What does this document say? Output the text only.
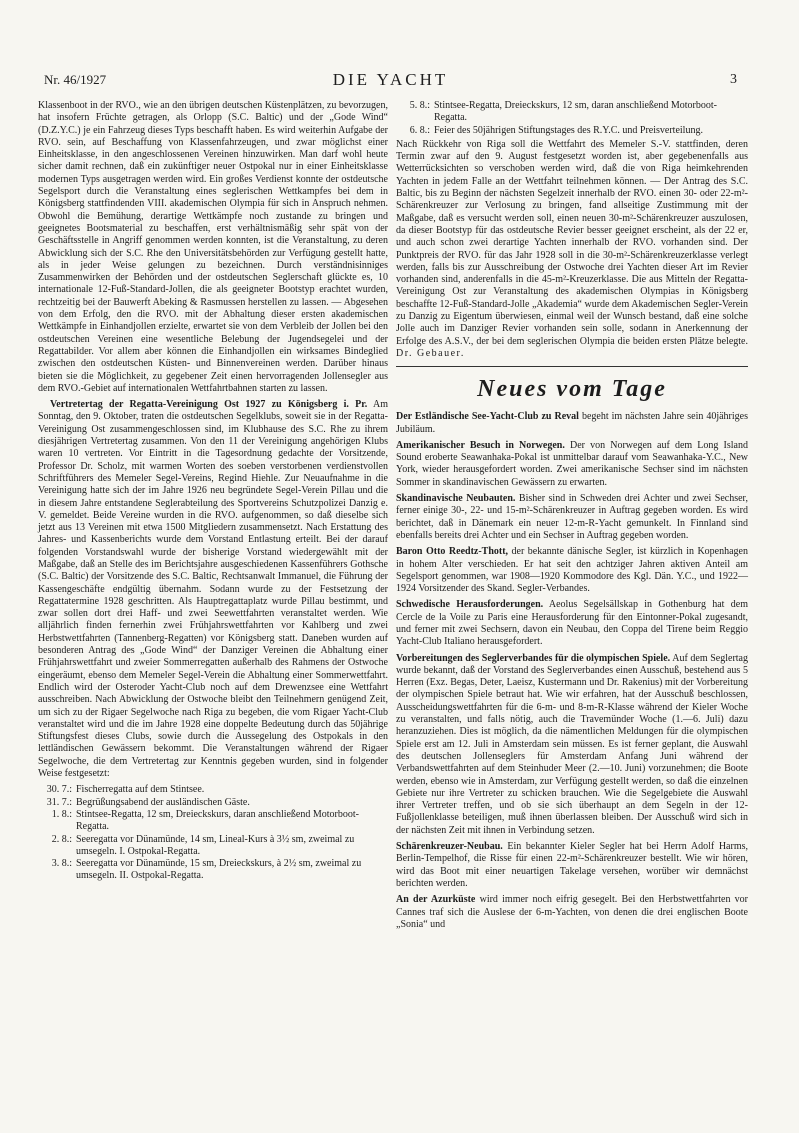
Nr. 46/1927	DIE YACHT	3

Klassenboot in der RVO., wie an den übrigen deutschen Küstenplätzen, zu bevorzugen, hat insofern Früchte getragen, als Orlopp (S.C. Baltic) und der „Gode Wind“ (D.Z.Y.C.) je ein Fahrzeug dieses Typs beschafft haben. Es wird weiterhin Aufgabe der RVO. sein, auf Beschaffung von Klassenfahrzeugen, und zwar möglichst einer Einheitsklasse, in den angeschlossenen Vereinen hinzuwirken. Man darf wohl heute sicher damit rechnen, daß ein zukünftiger neuer Ostpokal nur in einer Einheitsklasse modernen Typs ausgetragen werden wird. Ein großes Verdienst konnte der ostdeutsche Segelsport durch die Veranstaltung eines seglerischen Wettkampfes bei dem in Königsberg stattfindenden VIII. akademischen Olympia für sich in Anspruch nehmen. Obwohl die Bemühung, derartige Wettkämpfe noch zustande zu bringen und geeignetes Bootsmaterial zu beschaffen, erst verhältnismäßig sehr spät von der Geschäftsstelle in Angriff genommen werden konnten, ist die Veranstaltung, zu deren Abwicklung sich der S.C. Rhe den Universitätsbehörden zur Verfügung gestellt hatte, als in jeder Weise gelungen zu bezeichnen. Durch verständnisinniges Zusammenwirken der Behörden und der ostdeutschen Seglerschaft glückte es, 10 internationale 12-Fuß-Standard-Jollen, die als geeigneter Bootstyp erachtet wurden, rechtzeitig bei der Bauwerft Abeking & Rasmussen herstellen zu lassen. — Abgesehen von dem Erfolg, den die RVO. mit der Abhaltung dieser ersten akademischen Wettkämpfe in Einhandjollen erzielte, erwartet sie von dem Verbleib der Jollen bei den ostdeutschen Vereinen eine wesentliche Belebung der Jugendsegelei und der Regattabilder. Vor allem aber können die Einhandjollen ein wirksames Bindeglied zwischen den ostdeutschen Küsten- und Binnenvereinen werden. Darüber hinaus bieten sie die Möglichkeit, zu gegebener Zeit einen hervorragenden Jollensegler aus dem RVO.-Gebiet auf internationalen Wettfahrtbahnen starten zu lassen.

Vertretertag der Regatta-Vereinigung Ost 1927 zu Königsberg i. Pr. Am Sonntag, den 9. Oktober, traten die ostdeutschen Segelklubs, soweit sie in der Regatta-Vereinigung Ost zusammengeschlossen sind, im Klubhause des S.C. Rhe zu ihrem diesjährigen Vertretertag zusammen. Von den 11 der Vereinigung angehörigen Klubs waren 10 vertreten. Vor Eintritt in die Tagesordnung gedachte der Vorsitzende, Professor Dr. Scholz, mit warmen Worten des soeben verstorbenen verdienstvollen Schriftführers des Memeler Segel-Vereins, Regind Hiehle. Zur Neuaufnahme in die Vereinigung hatte sich der im Jahre 1926 neu begründete Segel-Verein Pillau und die in diesem Jahre entstandene Seglerabteilung des Sportvereins Schutzpolizei Danzig e. V. gemeldet. Beide Vereine wurden in die RVO. aufgenommen, so daß dieselbe sich jetzt aus 13 Vereinen mit etwa 1500 Mitgliedern zusammensetzt. Nach Erstattung des Jahres- und Kassenberichts wurde dem Vorstand Entlastung erteilt. Bei der darauf folgenden Vorstandswahl wurde der bisherige Vorstand wiedergewählt mit der Maßgabe, daß an Stelle des im Berichtsjahre ausgeschiedenen Kassenführers Gothsche (S.C. Baltic) der Vorsitzende des S.C. Baltic, Rechtsanwalt Immanuel, die Führung der Kassengeschäfte endgültig übernahm. Sodann wurde zu der Festsetzung der Regattatermine 1928 geschritten. Als Hauptregattaplatz wurde Pillau bestimmt, und zwar sollen dort drei Haff- und zwei Seewettfahrten veranstaltet werden. Wie alljährlich finden fernerhin zwei Frühjahrswettfahrten vor Kahlberg und zwei Herbstwettfahrten (Tannenberg-Regatten) vor Königsberg statt. Daneben wurden auf besonderen Antrag des „Gode Wind“ der Danziger Vereinen die Abhaltung einer Frühjahrswettfahrt und zweier Sommerregatten außerhalb des Rahmens der Ostwoche eingeräumt, ebenso dem Memeler Segel-Verein die Abhaltung einer Sommerwettfahrt. Endlich wird der Osteroder Yacht-Club noch auf dem Drewenzsee eine Wettfahrt ausschreiben. Nach Abwicklung der Ostwoche bleibt den Teilnehmern genügend Zeit, um sich zu der Rigaer Segelwoche nach Riga zu begeben, die vom Rigaer Yacht-Club veranstaltet wird und die im Jahre 1928 eine doppelte Bedeutung durch das 50jährige Stiftungsfest dieses Clubs, sowie durch die Aussegelung des Ostpokals in den lettländischen Gewässern bekommt. Die Veranstaltungen während der Rigaer Segelwoche, die dem Vertretertag zur Kenntnis gegeben wurden, sind in folgender Weise festgesetzt:

30. 7.: Fischerregatta auf dem Stintsee.
31. 7.: Begrüßungsabend der ausländischen Gäste.
1. 8.: Stintsee-Regatta, 12 sm, Dreieckskurs, daran anschließend Motorboot-Regatta.
2. 8.: Seeregatta vor Dünamünde, 14 sm, Lineal-Kurs à 3½ sm, zweimal zu umsegeln. I. Ostpokal-Regatta.
3. 8.: Seeregatta vor Dünamünde, 15 sm, Dreieckskurs, à 2½ sm, zweimal zu umsegeln. II. Ostpokal-Regatta.
5. 8.: Stintsee-Regatta, Dreieckskurs, 12 sm, daran anschließend Motorboot-Regatta.
6. 8.: Feier des 50jährigen Stiftungstages des R.Y.C. und Preisverteilung.

Nach Rückkehr von Riga soll die Wettfahrt des Memeler S.-V. stattfinden, deren Termin zwar auf den 9. August festgesetzt worden ist, aber gegebenenfalls aus Wetterrücksichten so verschoben werden wird, daß die von Riga heimkehrenden Yachten in jedem Falle an der Wettfahrt teilnehmen können. — Der Antrag des S.C. Baltic, bis zu Beginn der nächsten Segelzeit innerhalb der RVO. einen 30- oder 22-m²-Schärenkreuzer zur Verlosung zu bringen, fand allseitige Zustimmung mit der Maßgabe, daß es versucht werden soll, einen neuen 30-m²-Schärenkreuzer auszulosen, da dieser Bootstyp für das ostdeutsche Revier besser geeignet erscheint, als der 22 er, und auch schon zwei derartige Yachten innerhalb der RVO. vorhanden sind. Der Punktpreis der RVO. für das Jahr 1928 soll in die 30-m²-Schärenkreuzerklasse verlegt werden, falls bis zur Ausschreibung der Ostwoche drei Yachten dieser Art im Revier vorhanden sind, anderenfalls in die 45-m²-Kreuzerklasse. Die aus Mitteln der Regatta-Vereinigung Ost zur Veranstaltung des akademischen Olympias in Königsberg beschaffte 12-Fuß-Standard-Jolle „Akademia“ wurde dem Akademischen Segler-Verein zu Danzig zu Eigentum überwiesen, einmal weil der Wunsch bestand, daß eine solche Jolle auch im Danziger Revier vorhanden sein solle, sodann in Anerkennung der Erfolge des A.S.V., der bei dem seglerischen Olympia die beiden ersten Plätze belegte. Dr. Gebauer.

Neues vom Tage

Der Estländische See-Yacht-Club zu Reval begeht im nächsten Jahre sein 40jähriges Jubiläum.

Amerikanischer Besuch in Norwegen. Der von Norwegen auf dem Long Island Sound eroberte Seawanhaka-Pokal ist unmittelbar darauf vom Seawanhaka-Y.C., New York, wieder herausgefordert worden. Zwei amerikanische Sechser sind im nächsten Sommer in skandinavischen Gewässern zu erwarten.

Skandinavische Neubauten. Bisher sind in Schweden drei Achter und zwei Sechser, ferner einige 30-, 22- und 15-m²-Schärenkreuzer in Auftrag gegeben worden. Es wird berichtet, daß in Dänemark ein neuer 12-m-R-Yacht gemunkelt. In Finnland sind ebenfalls bereits drei Achter und ein Sechser in Auftrag gegeben worden.

Baron Otto Reedtz-Thott, der bekannte dänische Segler, ist kürzlich in Kopenhagen in hohem Alter verschieden. Er hat seit den achtziger Jahren aktiven Anteil am Segelsport genommen, war 1908—1920 Kommodore des Kgl. Dän. Y.C., und 1922—1924 Vorsitzender des Skand. Segler-Verbandes.

Schwedische Herausforderungen. Aeolus Segelsällskap in Gothenburg hat dem Cercle de la Voile zu Paris eine Herausforderung für den Eintonner-Pokal zugesandt, und ferner mit zwei Sechsern, davon ein Neubau, den Coppa del Tirene beim Reggio Yacht-Club Italiano herausgefordert.

Vorbereitungen des Seglerverbandes für die olympischen Spiele. Auf dem Seglertag wurde bekannt, daß der Vorstand des Seglerverbandes einen Ausschuß, bestehend aus 5 Herren (Exz. Begas, Deter, Laeisz, Kustermann und Dr. Rakenius) mit der Vorbereitung der olympischen Spiele betraut hat. Wie wir erfahren, hat der Ausschuß beschlossen, Ausscheidungswettfahrten für die 6-m- und 8-m-R-Klasse während der Kieler Woche zu veranstalten, und falls nötig, auch die Travemünder Woche (1.—6. Juli) dazu heranzuziehen. Dies ist möglich, da die nämentlichen Meldungen für die olympischen Spiele erst am 12. Juli in Amsterdam sein müssen. Es ist ferner geplant, die Auswahl des deutschen Jollenseglers für Amsterdam Anfang Juni während der Verbandswettfahrten auf dem Steinhuder Meer (2.—10. Juni) vorzunehmen; die Boote werden, ebenso wie in Amsterdam, zur Verfügung gestellt werden, so daß die einzelnen Gebiete nur ihre Vertreter zu schicken brauchen. Wie die Segelgebiete die Auswahl ihrer Vertreter treffen, und ob sie sich überhaupt an dem Segeln in der 12-Fußjollenklasse beteiligen, muß ihnen überlassen bleiben. Der Ausschuß wird sich in der nächsten Zeit mit ihnen in Verbindung setzen.

Schärenkreuzer-Neubau. Ein bekannter Kieler Segler hat bei Herrn Adolf Harms, Berlin-Tempelhof, die Risse für einen 22-m²-Schärenkreuzer bestellt. Wie wir hören, wird das Boot mit einer neuartigen Takelage versehen, worüber wir demnächst berichten werden.

An der Azurküste wird immer noch eifrig gesegelt. Bei den Herbstwettfahrten vor Cannes traf sich die Auslese der 6-m-Yachten, von denen die drei englischen Boote „Sonia“ und
